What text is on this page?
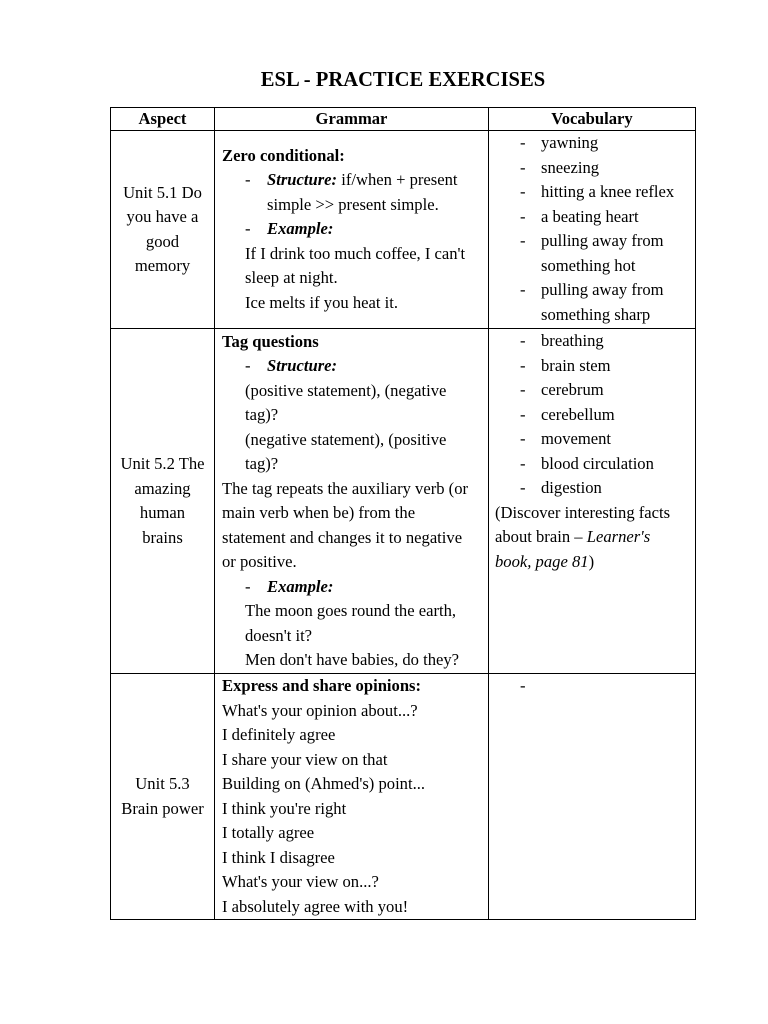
ESL - PRACTICE EXERCISES
Aspect	Grammar	Vocabulary
Unit 5.1 Do
you have a
good
memory
Zero conditional:
- Structure: if/when + present
simple >> present simple.
- Example:
If I drink too much coffee, I can't
sleep at night.
Ice melts if you heat it.
- yawning
- sneezing
- hitting a knee reflex
- a beating heart
- pulling away from something hot
- pulling away from something sharp
Unit 5.2 The
amazing
human
brains
Tag questions
- Structure:
(positive statement), (negative
tag)?
(negative statement), (positive
tag)?
The tag repeats the auxiliary verb (or
main verb when be) from the
statement and changes it to negative
or positive.
- Example:
The moon goes round the earth,
doesn't it?
Men don't have babies, do they?
- breathing
- brain stem
- cerebrum
- cerebellum
- movement
- blood circulation
- digestion
(Discover interesting facts
about brain – Learner's
book, page 81)
Unit 5.3
Brain power
Express and share opinions:
What's your opinion about...?
I definitely agree
I share your view on that
Building on (Ahmed's) point...
I think you're right
I totally agree
I think I disagree
What's your view on...?
I absolutely agree with you!
-
